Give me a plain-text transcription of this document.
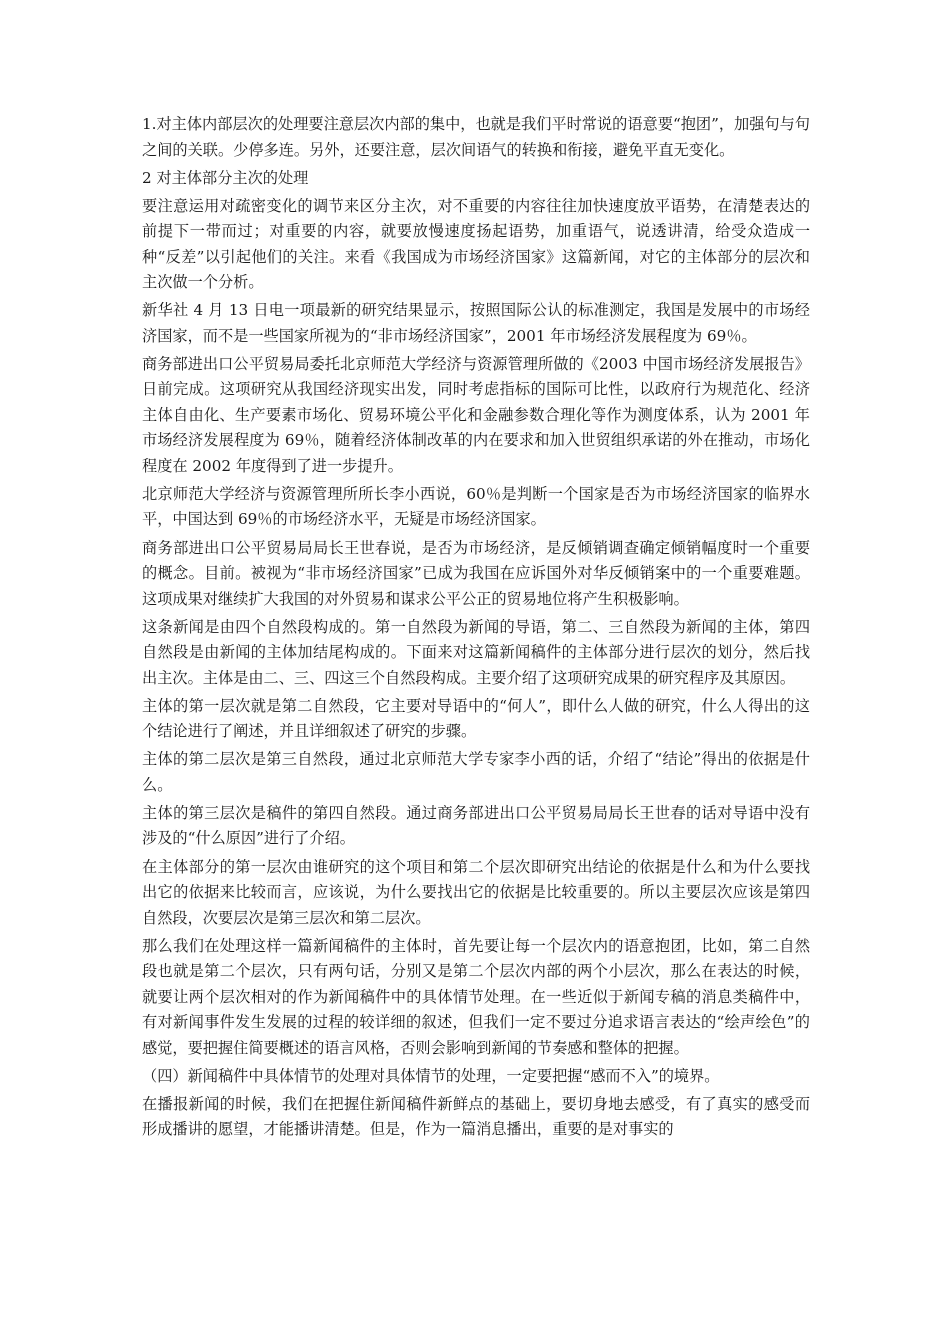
1.对主体内部层次的处理要注意层次内部的集中，也就是我们平时常说的语意要“抱团”，加强句与句之间的关联。少停多连。另外，还要注意，层次间语气的转换和衔接，避免平直无变化。

2 对主体部分主次的处理

要注意运用对疏密变化的调节来区分主次，对不重要的内容往往加快速度放平语势，在清楚表达的前提下一带而过；对重要的内容，就要放慢速度扬起语势，加重语气，说透讲清，给受众造成一种“反差”以引起他们的关注。来看《我国成为市场经济国家》这篇新闻，对它的主体部分的层次和主次做一个分析。

新华社 4 月 13 日电一项最新的研究结果显示，按照国际公认的标准测定，我国是发展中的市场经济国家，而不是一些国家所视为的“非市场经济国家”，2001 年市场经济发展程度为 69％。

商务部进出口公平贸易局委托北京师范大学经济与资源管理所做的《2003 中国市场经济发展报告》日前完成。这项研究从我国经济现实出发，同时考虑指标的国际可比性，以政府行为规范化、经济主体自由化、生产要素市场化、贸易环境公平化和金融参数合理化等作为测度体系，认为 2001 年市场经济发展程度为 69％，随着经济体制改革的内在要求和加入世贸组织承诺的外在推动，市场化程度在 2002 年度得到了进一步提升。

北京师范大学经济与资源管理所所长李小西说，60％是判断一个国家是否为市场经济国家的临界水平，中国达到 69％的市场经济水平，无疑是市场经济国家。

商务部进出口公平贸易局局长王世春说，是否为市场经济，是反倾销调查确定倾销幅度时一个重要的概念。目前。被视为“非市场经济国家”已成为我国在应诉国外对华反倾销案中的一个重要难题。这项成果对继续扩大我国的对外贸易和谋求公平公正的贸易地位将产生积极影响。

这条新闻是由四个自然段构成的。第一自然段为新闻的导语，第二、三自然段为新闻的主体，第四自然段是由新闻的主体加结尾构成的。下面来对这篇新闻稿件的主体部分进行层次的划分，然后找出主次。主体是由二、三、四这三个自然段构成。主要介绍了这项研究成果的研究程序及其原因。

主体的第一层次就是第二自然段，它主要对导语中的“何人”，即什么人做的研究，什么人得出的这个结论进行了阐述，并且详细叙述了研究的步骤。

主体的第二层次是第三自然段，通过北京师范大学专家李小西的话，介绍了“结论”得出的依据是什么。

主体的第三层次是稿件的第四自然段。通过商务部进出口公平贸易局局长王世春的话对导语中没有涉及的“什么原因”进行了介绍。

在主体部分的第一层次由谁研究的这个项目和第二个层次即研究出结论的依据是什么和为什么要找出它的依据来比较而言，应该说，为什么要找出它的依据是比较重要的。所以主要层次应该是第四自然段，次要层次是第三层次和第二层次。

那么我们在处理这样一篇新闻稿件的主体时，首先要让每一个层次内的语意抱团，比如，第二自然段也就是第二个层次，只有两句话，分别又是第二个层次内部的两个小层次，那么在表达的时候，就要让两个层次相对的作为新闻稿件中的具体情节处理。在一些近似于新闻专稿的消息类稿件中，有对新闻事件发生发展的过程的较详细的叙述，但我们一定不要过分追求语言表达的“绘声绘色”的感觉，要把握住简要概述的语言风格，否则会影响到新闻的节奏感和整体的把握。

（四）新闻稿件中具体情节的处理对具体情节的处理，一定要把握“感而不入”的境界。

在播报新闻的时候，我们在把握住新闻稿件新鲜点的基础上，要切身地去感受，有了真实的感受而形成播讲的愿望，才能播讲清楚。但是，作为一篇消息播出，重要的是对事实的
